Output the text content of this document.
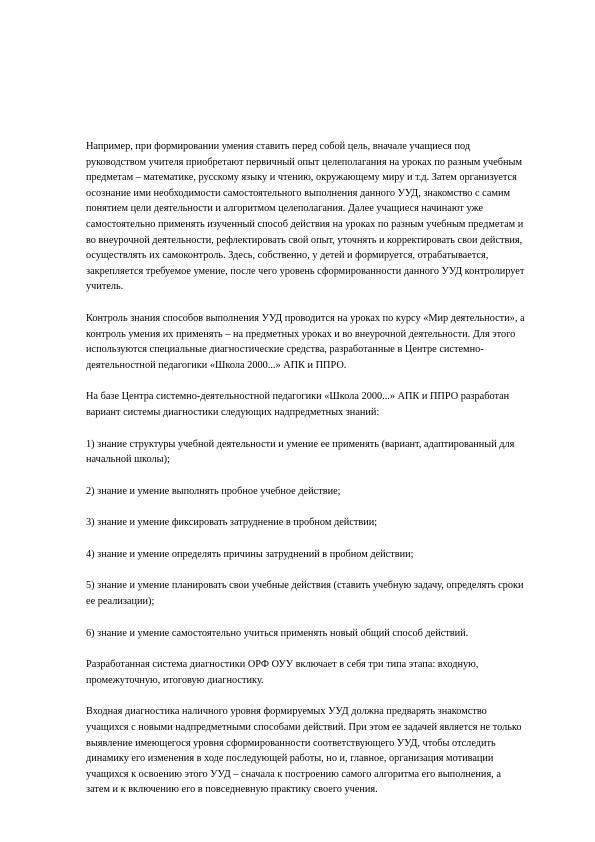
Например, при формировании умения ставить перед собой цель, вначале учащиеся под руководством учителя приобретают первичный опыт целеполагания на уроках по разным учебным предметам – математике, русскому языку и чтению, окружающему миру и т.д. Затем организуется осознание ими необходимости самостоятельного выполнения данного УУД, знакомство с самим понятием цели деятельности и алгоритмом целеполагания. Далее учащиеся начинают уже самостоятельно применять изученный способ действия на уроках по разным учебным предметам и во внеурочной деятельности, рефлектировать свой опыт, уточнять и корректировать свои действия, осуществлять их самоконтроль. Здесь, собственно, у детей и формируется, отрабатывается, закрепляется требуемое умение, после чего уровень сформированности данного УУД контролирует учитель.

Контроль знания способов выполнения УУД проводится на уроках по курсу «Мир деятельности», а контроль умения их применять – на предметных уроках и во внеурочной деятельности. Для этого используются специальные диагностические средства, разработанные в Центре системно-деятельностной педагогики «Школа 2000...» АПК и ППРО.

На базе Центра системно-деятельностной педагогики «Школа 2000...» АПК и ППРО разработан вариант системы диагностики следующих надпредметных знаний:

1) знание структуры учебной деятельности и умение ее применять (вариант, адаптированный для начальной школы);

2) знание и умение выполнять пробное учебное действие;

3) знание и умение фиксировать затруднение в пробном действии;

4) знание и умение определять причины затруднений в пробном действии;

5) знание и умение планировать свои учебные действия (ставить учебную задачу, определять сроки ее реализации);

6) знание и умение самостоятельно учиться применять новый общий способ действий.

Разработанная система диагностики ОРФ ОУУ включает в себя три типа этапа: входную, промежуточную, итоговую диагностику.

Входная диагностика наличного уровня формируемых УУД должна предварять знакомство учащихся с новыми надпредметными способами действий. При этом ее задачей является не только выявление имеющегося уровня сформированности соответствующего УУД, чтобы отследить динамику его изменения в ходе последующей работы, но и, главное, организация мотивации учащихся к освоению этого УУД – сначала к построению самого алгоритма его выполнения, а затем и к включению его в повседневную практику своего учения.
